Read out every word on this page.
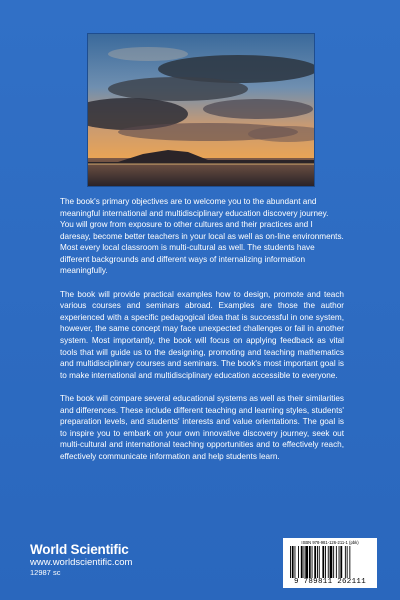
The book's primary objectives are to welcome you to the abundant and meaningful international and multidisciplinary education discovery journey. You will grow from exposure to other cultures and their practices and I daresay, become better teachers in your local as well as on-line environments. Most every local classroom is multi-cultural as well. The students have different backgrounds and different ways of internalizing information meaningfully.

The book will provide practical examples how to design, promote and teach various courses and seminars abroad. Examples are those the author experienced with a specific pedagogical idea that is successful in one system, however, the same concept may face unexpected challenges or fail in another system. Most importantly, the book will focus on applying feedback as vital tools that will guide us to the designing, promoting and teaching mathematics and multidisciplinary courses and seminars. The book's most important goal is to make international and multidisciplinary education accessible to everyone.

The book will compare several educational systems as well as their similarities and differences. These include different teaching and learning styles, students' preparation levels, and students' interests and value orientations. The goal is to inspire you to embark on your own innovative discovery journey, seek out multi-cultural and international teaching opportunities and to effectively reach, effectively communicate information and help students learn.

World Scientific
www.worldscientific.com
12987 sc
ISBN 978-981-126-211-1 (pbk)
9 789811 262111
